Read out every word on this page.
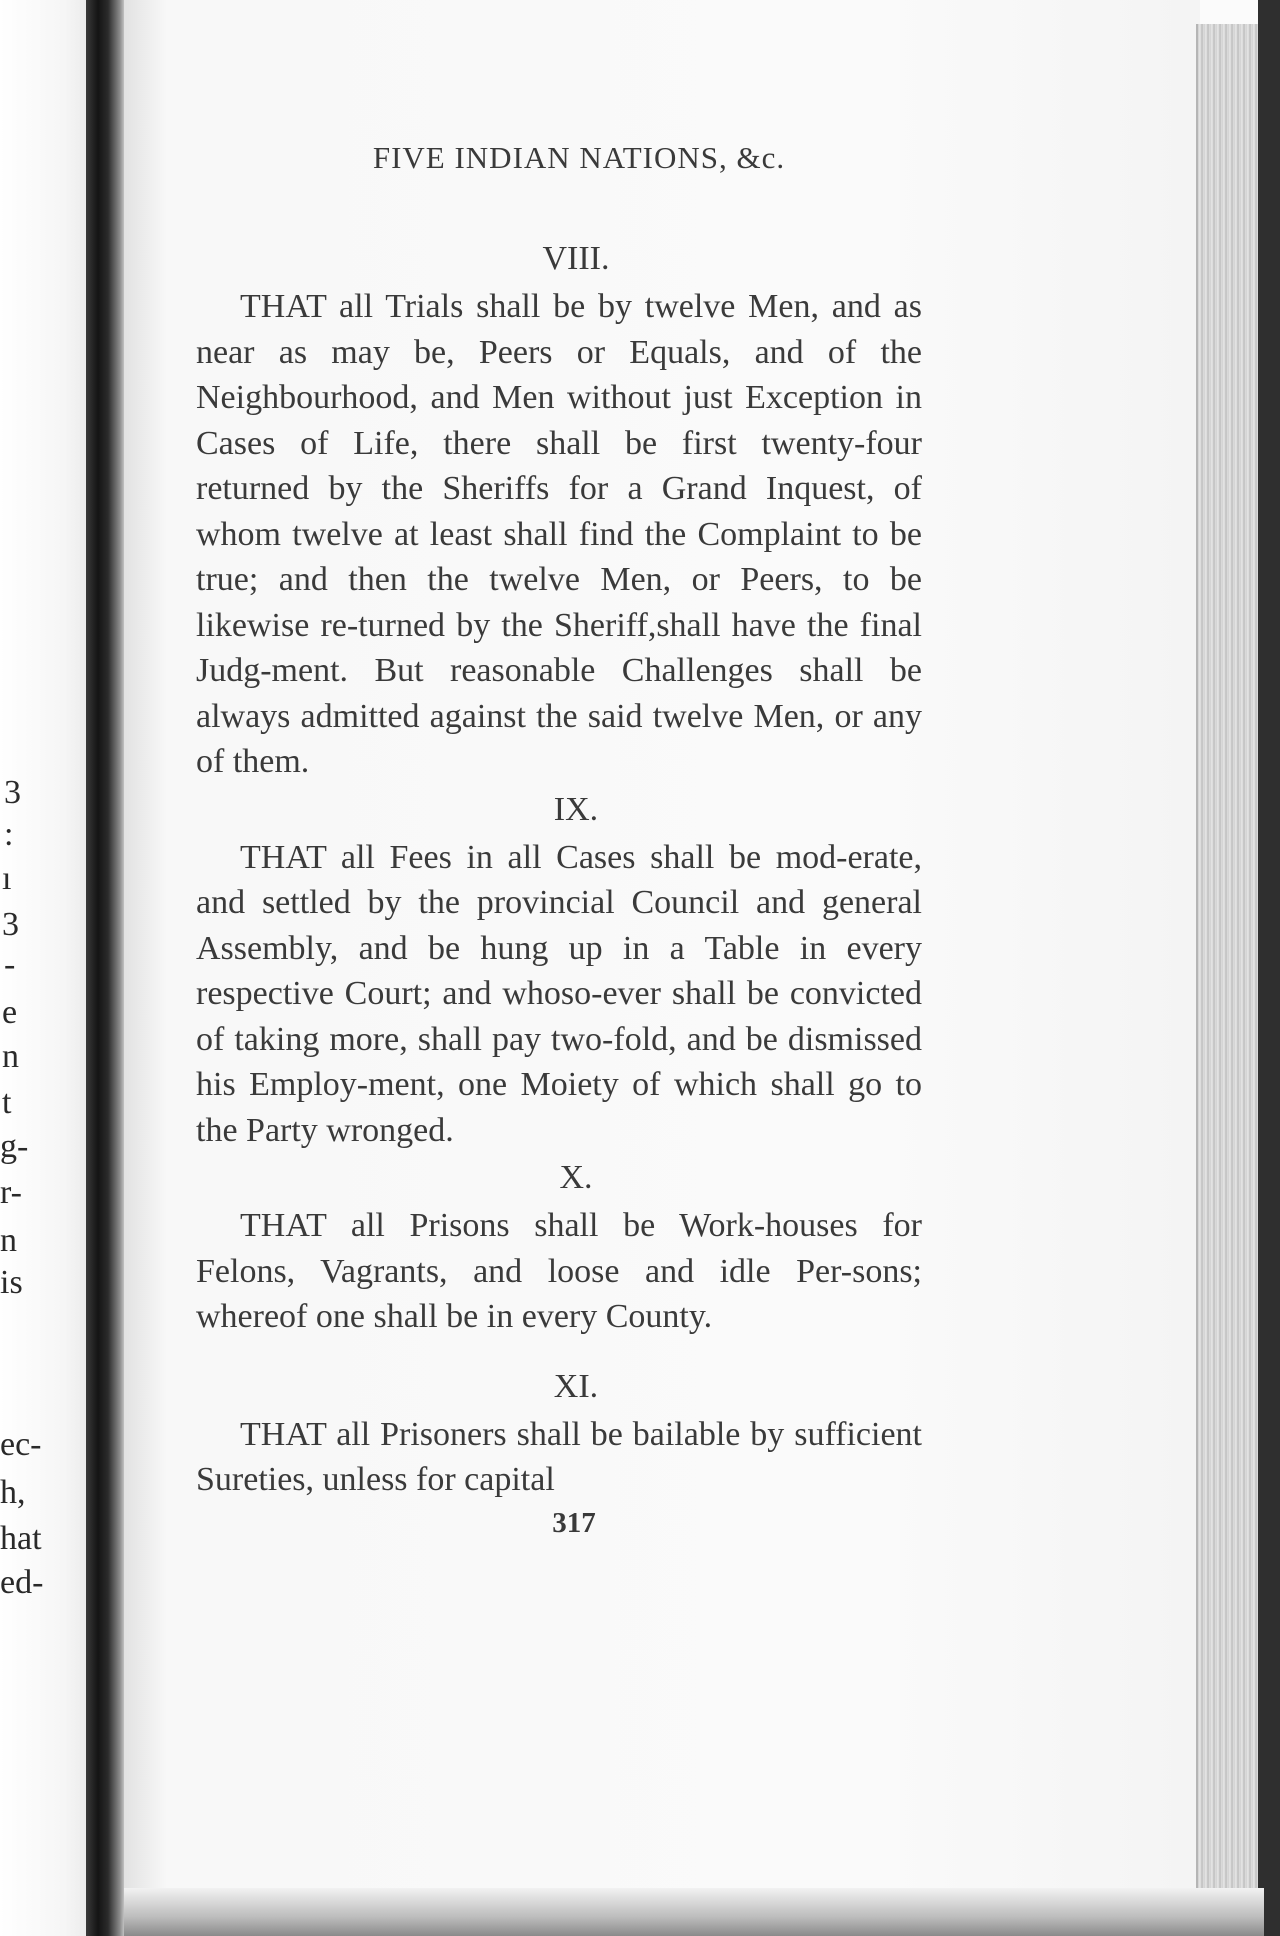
3
:
ı
3
-
e
n
t
g-
r-
n
is
ec-
h,
hat
ed-
FIVE INDIAN NATIONS, &c.
VIII.

THAT all Trials shall be by twelve Men, and as near as may be, Peers or Equals, and of the Neighbourhood, and Men without just Exception in Cases of Life, there shall be first twenty-four returned by the Sheriffs for a Grand Inquest, of whom twelve at least shall find the Complaint to be true; and then the twelve Men, or Peers, to be likewise re-turned by the Sheriff,shall have the final Judg-ment. But reasonable Challenges shall be always admitted against the said twelve Men, or any of them.

IX.

THAT all Fees in all Cases shall be mod-erate, and settled by the provincial Council and general Assembly, and be hung up in a Table in every respective Court; and whoso-ever shall be convicted of taking more, shall pay two-fold, and be dismissed his Employ-ment, one Moiety of which shall go to the Party wronged.

X.

THAT all Prisons shall be Work-houses for Felons, Vagrants, and loose and idle Per-sons; whereof one shall be in every County.

XI.

THAT all Prisoners shall be bailable by sufficient Sureties, unless for capital

317
